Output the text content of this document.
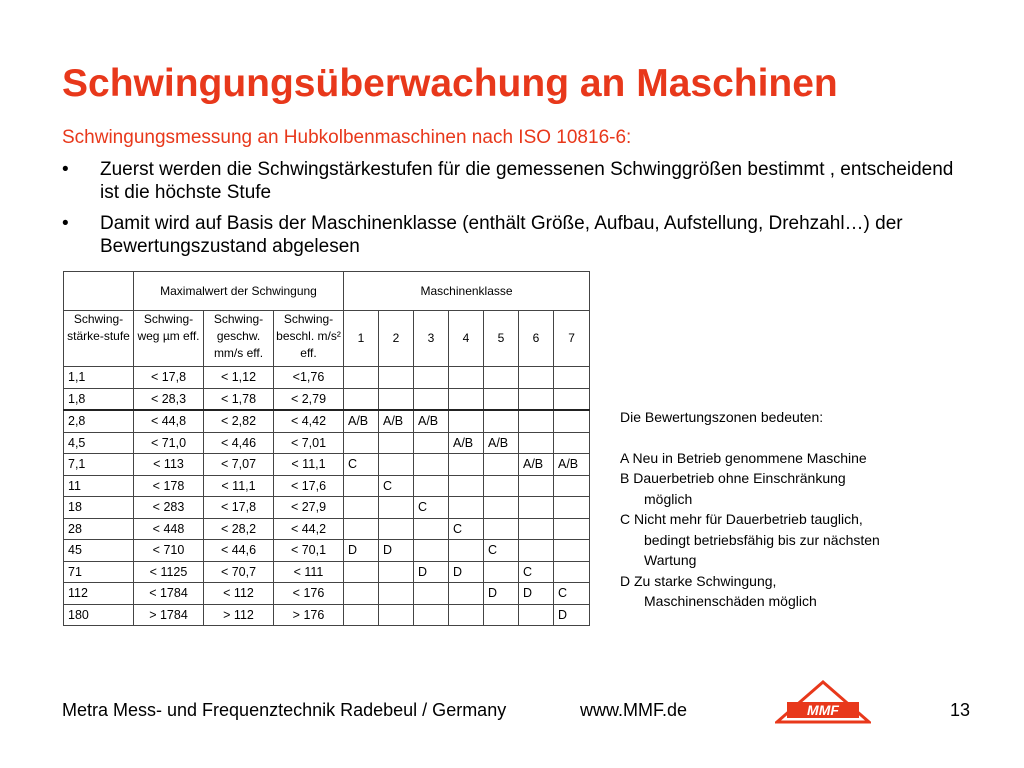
Schwingungsüberwachung an Maschinen
Schwingungsmessung an Hubkolbenmaschinen nach ISO 10816-6:
• Zuerst werden die Schwingstärkestufen für die gemessenen Schwinggrößen bestimmt , entscheidend ist die höchste Stufe
• Damit wird auf Basis der Maschinenklasse (enthält Größe, Aufbau, Aufstellung, Drehzahl…) der Bewertungszustand abgelesen
	Maximalwert der Schwingung			Maschinenklasse						
Schwing-stärke-stufe	Schwing-weg µm eff.	Schwing-geschw. mm/s eff.	Schwing-beschl. m/s² eff.	1	2	3	4	5	6	7
1,1	< 17,8	< 1,12	<1,76							
1,8	< 28,3	< 1,78	< 2,79							
2,8	< 44,8	< 2,82	< 4,42	A/B	A/B	A/B				
4,5	< 71,0	< 4,46	< 7,01				A/B	A/B		
7,1	< 113	< 7,07	< 11,1	C					A/B	A/B
11	< 178	< 11,1	< 17,6		C					
18	< 283	< 17,8	< 27,9			C				
28	< 448	< 28,2	< 44,2				C			
45	< 710	< 44,6	< 70,1	D	D			C		
71	< 1125	< 70,7	< 111			D	D		C	
112	< 1784	< 112	< 176					D	D	C
180	> 1784	> 112	> 176							D
Die Bewertungszonen bedeuten:
A Neu in Betrieb genommene Maschine
B Dauerbetrieb ohne Einschränkung
möglich
C Nicht mehr für Dauerbetrieb tauglich,
bedingt betriebsfähig bis zur nächsten
Wartung
D Zu starke Schwingung,
Maschinenschäden möglich
Metra Mess- und Frequenztechnik Radebeul / Germany	www.MMF.de	MMF	13
